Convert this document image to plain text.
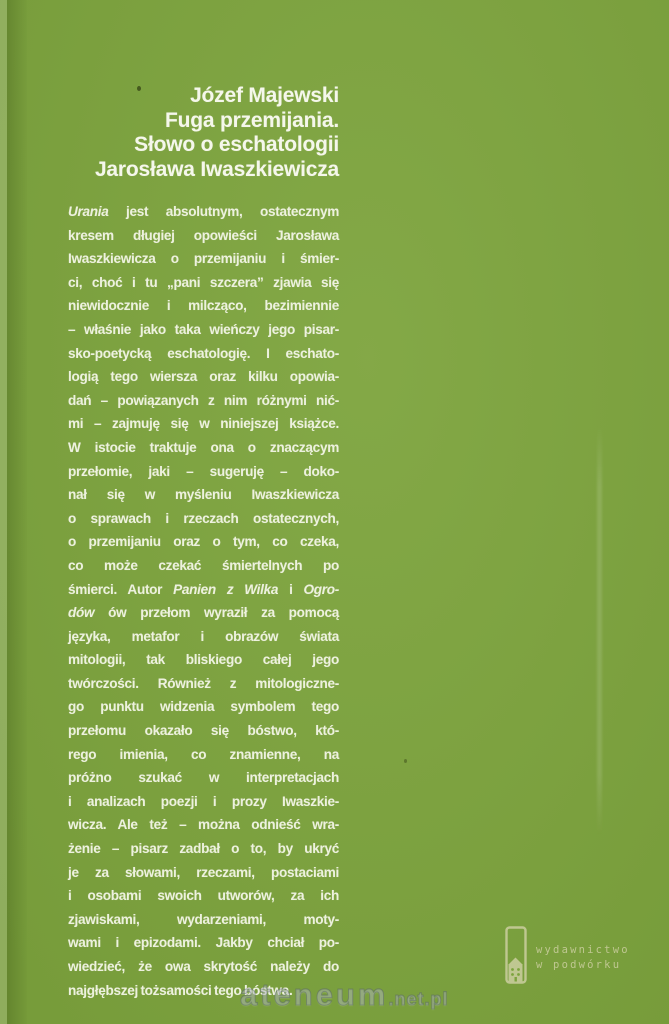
Józef Majewski
Fuga przemijania.
Słowo o eschatologii
Jarosława Iwaszkiewicza
Urania jest absolutnym, ostatecznym
kresem długiej opowieści Jarosława
Iwaszkiewicza o przemijaniu i śmier-
ci, choć i tu „pani szczera” zjawia się
niewidocznie i milcząco, bezimiennie
– właśnie jako taka wieńczy jego pisar-
sko-poetycką eschatologię. I eschato-
logią tego wiersza oraz kilku opowia-
dań – powiązanych z nim różnymi nić-
mi – zajmuję się w niniejszej książce.
W istocie traktuje ona o znaczącym
przełomie, jaki – sugeruję – doko-
nał się w myśleniu Iwaszkiewicza
o sprawach i rzeczach ostatecznych,
o przemijaniu oraz o tym, co czeka,
co może czekać śmiertelnych po
śmierci. Autor Panien z Wilka i Ogro-
dów ów przełom wyraził za pomocą
języka, metafor i obrazów świata
mitologii, tak bliskiego całej jego
twórczości. Również z mitologiczne-
go punktu widzenia symbolem tego
przełomu okazało się bóstwo, któ-
rego imienia, co znamienne, na
próżno szukać w interpretacjach
i analizach poezji i prozy Iwaszkie-
wicza. Ale też – można odnieść wra-
żenie – pisarz zadbał o to, by ukryć
je za słowami, rzeczami, postaciami
i osobami swoich utworów, za ich
zjawiskami, wydarzeniami, moty-
wami i epizodami. Jakby chciał po-
wiedzieć, że owa skrytość należy do
najgłębszej tożsamości tego bóstwa.
wydawnictwo
w podwórku
ateneum.net.pl
